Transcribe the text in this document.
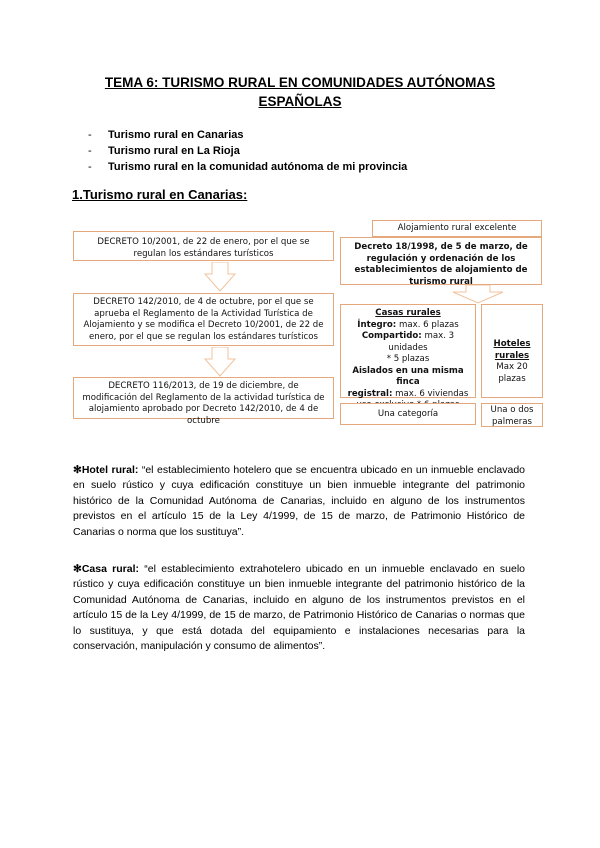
TEMA 6: TURISMO RURAL EN COMUNIDADES AUTÓNOMAS
ESPAÑOLAS
- Turismo rural en Canarias
- Turismo rural en La Rioja
- Turismo rural en la comunidad autónoma de mi provincia
1.Turismo rural en Canarias:
DECRETO 10/2001, de 22 de enero, por el que se regulan los estándares turísticos
DECRETO 142/2010, de 4 de octubre, por el que se aprueba el Reglamento de la Actividad Turística de Alojamiento y se modifica el Decreto 10/2001, de 22 de enero, por el que se regulan los estándares turísticos
DECRETO 116/2013, de 19 de diciembre, de modificación del Reglamento de la actividad turística de alojamiento aprobado por Decreto 142/2010, de 4 de octubre
Alojamiento rural excelente
Decreto 18/1998, de 5 de marzo, de regulación y ordenación de los establecimientos de alojamiento de turismo rural
Casas rurales
Íntegro: max. 6 plazas
Compartido: max. 3 unidades
* 5 plazas
Aislados en una misma finca
registral: max. 6 viviendas
Hoteles rurales
Max 20 plazas
Una categoría	Una o dos palmeras

✻Hotel rural: “el establecimiento hotelero que se encuentra ubicado en un inmueble enclavado en suelo rústico y cuya edificación constituye un bien inmueble integrante del patrimonio histórico de la Comunidad Autónoma de Canarias, incluido en alguno de los instrumentos previstos en el artículo 15 de la Ley 4/1999, de 15 de marzo, de Patrimonio Histórico de Canarias o norma que los sustituya”.

✻Casa rural: “el establecimiento extrahotelero ubicado en un inmueble enclavado en suelo rústico y cuya edificación constituye un bien inmueble integrante del patrimonio histórico de la Comunidad Autónoma de Canarias, incluido en alguno de los instrumentos previstos en el artículo 15 de la Ley 4/1999, de 15 de marzo, de Patrimonio Histórico de Canarias o normas que lo sustituya, y que está dotada del equipamiento e instalaciones necesarias para la conservación, manipulación y consumo de alimentos”.
